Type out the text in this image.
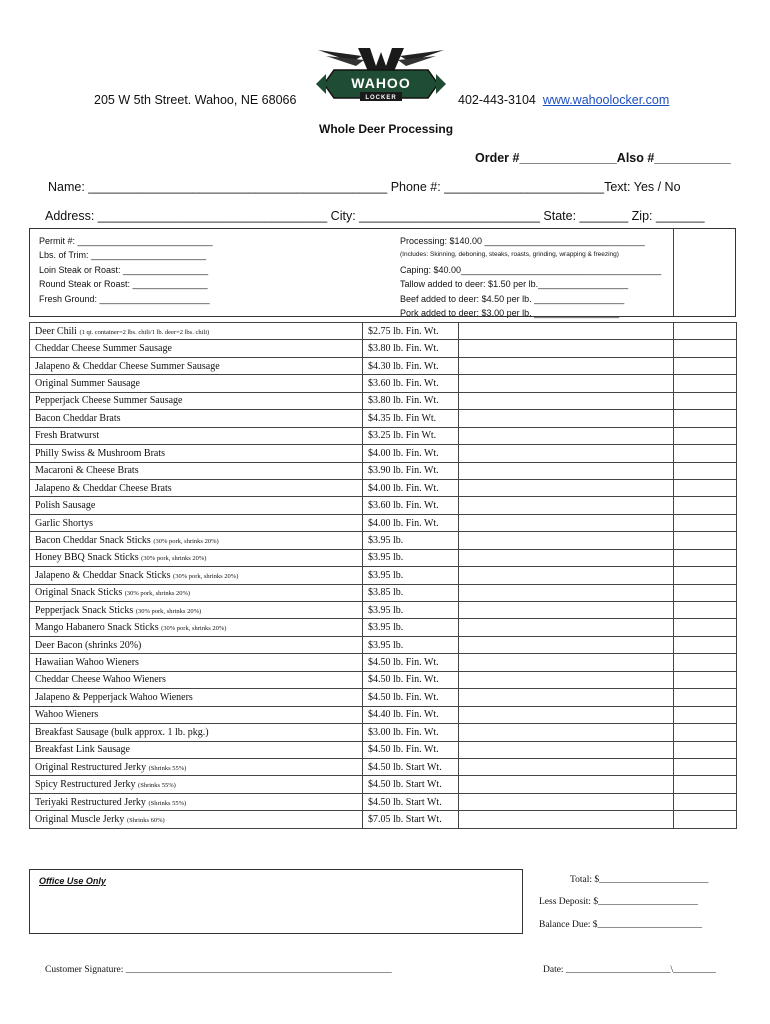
205 W 5th Street. Wahoo, NE 68066
WAHOO
LOCKER	402-443-3104 www.wahoolocker.com
Whole Deer Processing
Order #______________Also #___________
Name: ___________________________________________ Phone #: _______________________Text: Yes / No
Address: _________________________________ City: __________________________ State: _______ Zip: _______
Permit #: ___________________________
Lbs. of Trim: _______________________
Loin Steak or Roast: _________________
Round Steak or Roast: _______________
Fresh Ground: ______________________
Processing: $140.00 ________________________________
(Includes: Skinning, deboning, steaks, roasts, grinding, wrapping & freezing)
Caping: $40.00________________________________________
Tallow added to deer: $1.50 per lb.__________________
Beef added to deer: $4.50 per lb. __________________
Pork added to deer: $3.00 per lb. _________________
Deer Chili (1 qt. container=2 lbs. chili/1 lb. deer=2 lbs. chili)	$2.75 lb. Fin. Wt.		
Cheddar Cheese Summer Sausage	$3.80 lb. Fin. Wt.		
Jalapeno & Cheddar Cheese Summer Sausage	$4.30 lb. Fin. Wt.		
Original Summer Sausage	$3.60 lb. Fin. Wt.		
Pepperjack Cheese Summer Sausage	$3.80 lb. Fin. Wt.		
Bacon Cheddar Brats	$4.35 lb. Fin Wt.		
Fresh Bratwurst	$3.25 lb. Fin Wt.		
Philly Swiss & Mushroom Brats	$4.00 lb. Fin. Wt.		
Macaroni & Cheese Brats	$3.90 lb. Fin. Wt.		
Jalapeno & Cheddar Cheese Brats	$4.00 lb. Fin. Wt.		
Polish Sausage	$3.60 lb. Fin. Wt.		
Garlic Shortys	$4.00 lb. Fin. Wt.		
Bacon Cheddar Snack Sticks (30% pork, shrinks 20%)	$3.95 lb.		
Honey BBQ Snack Sticks (30% pork, shrinks 20%)	$3.95 lb.		
Jalapeno & Cheddar Snack Sticks (30% pork, shrinks 20%)	$3.95 lb.		
Original Snack Sticks (30% pork, shrinks 20%)	$3.85 lb.		
Pepperjack Snack Sticks (30% pork, shrinks 20%)	$3.95 lb.		
Mango Habanero Snack Sticks (30% pork, shrinks 20%)	$3.95 lb.		
Deer Bacon (shrinks 20%)	$3.95 lb.		
Hawaiian Wahoo Wieners	$4.50 lb. Fin. Wt.		
Cheddar Cheese Wahoo Wieners	$4.50 lb. Fin. Wt.		
Jalapeno & Pepperjack Wahoo Wieners	$4.50 lb. Fin. Wt.		
Wahoo Wieners	$4.40 lb. Fin. Wt.		
Breakfast Sausage (bulk approx. 1 lb. pkg.)	$3.00 lb. Fin. Wt.		
Breakfast Link Sausage	$4.50 lb. Fin. Wt.		
Original Restructured Jerky (Shrinks 55%)	$4.50 lb. Start Wt.		
Spicy Restructured Jerky (Shrinks 55%)	$4.50 lb. Start Wt.		
Teriyaki Restructured Jerky (Shrinks 55%)	$4.50 lb. Start Wt.		
Original Muscle Jerky (Shrinks 60%)	$7.05 lb. Start Wt.		
Office Use Only	Total: $_______________________
Less Deposit: $_____________________
Balance Due: $______________________
Customer Signature: ________________________________________________________	Date: ______________________\_________
